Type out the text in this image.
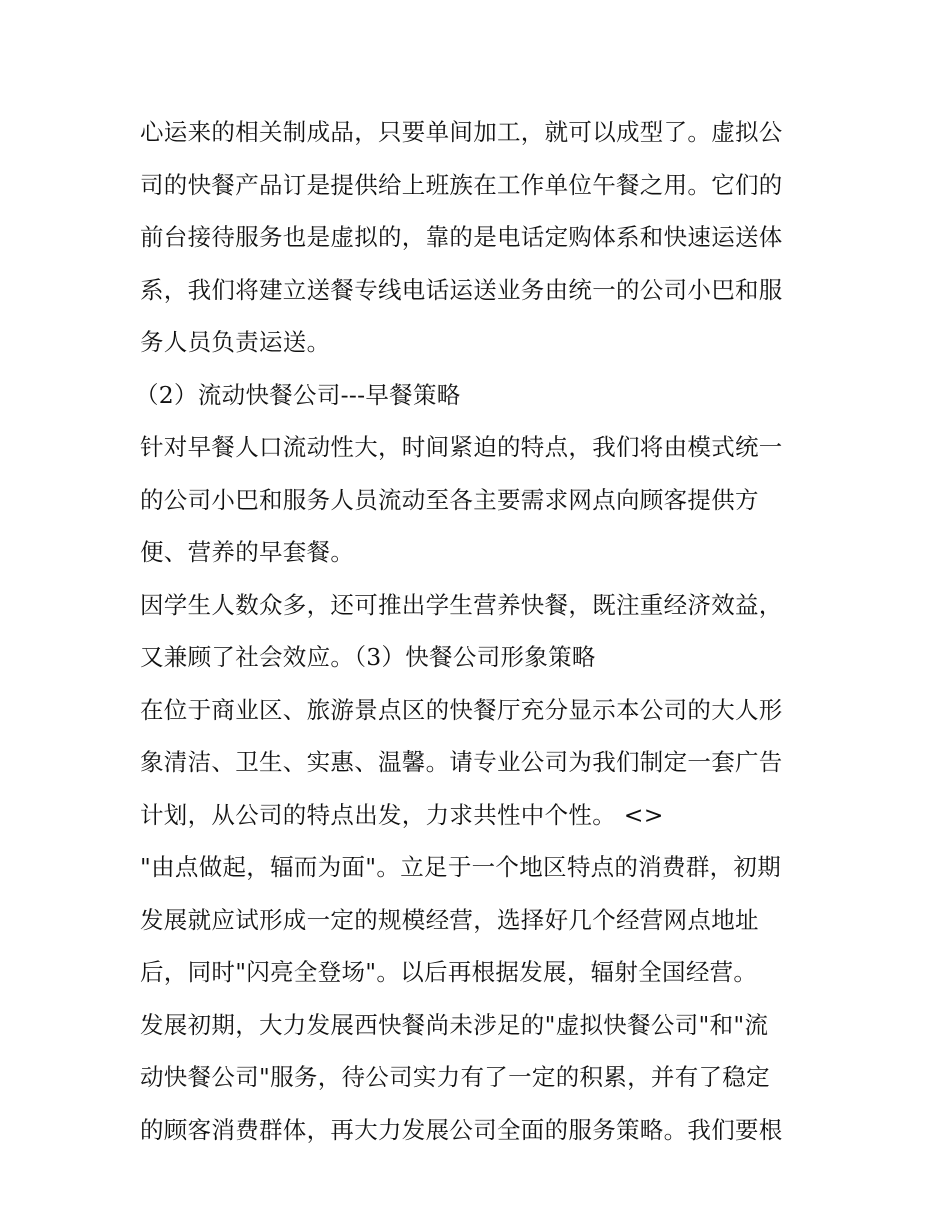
心运来的相关制成品，只要单间加工，就可以成型了。虚拟公
司的快餐产品订是提供给上班族在工作单位午餐之用。它们的
前台接待服务也是虚拟的，靠的是电话定购体系和快速运送体
系，我们将建立送餐专线电话运送业务由统一的公司小巴和服
务人员负责运送。
（2）流动快餐公司---早餐策略
针对早餐人口流动性大，时间紧迫的特点，我们将由模式统一
的公司小巴和服务人员流动至各主要需求网点向顾客提供方
便、营养的早套餐。
因学生人数众多，还可推出学生营养快餐，既注重经济效益，
又兼顾了社会效应。（3）快餐公司形象策略
在位于商业区、旅游景点区的快餐厅充分显示本公司的大人形
象清洁、卫生、实惠、温馨。请专业公司为我们制定一套广告
计划，从公司的特点出发，力求共性中个性。 <>
"由点做起，辐而为面"。立足于一个地区特点的消费群，初期
发展就应试形成一定的规模经营，选择好几个经营网点地址
后，同时"闪亮全登场"。以后再根据发展，辐射全国经营。
发展初期，大力发展西快餐尚未涉足的"虚拟快餐公司"和"流
动快餐公司"服务，待公司实力有了一定的积累，并有了稳定
的顾客消费群体，再大力发展公司全面的服务策略。我们要根
